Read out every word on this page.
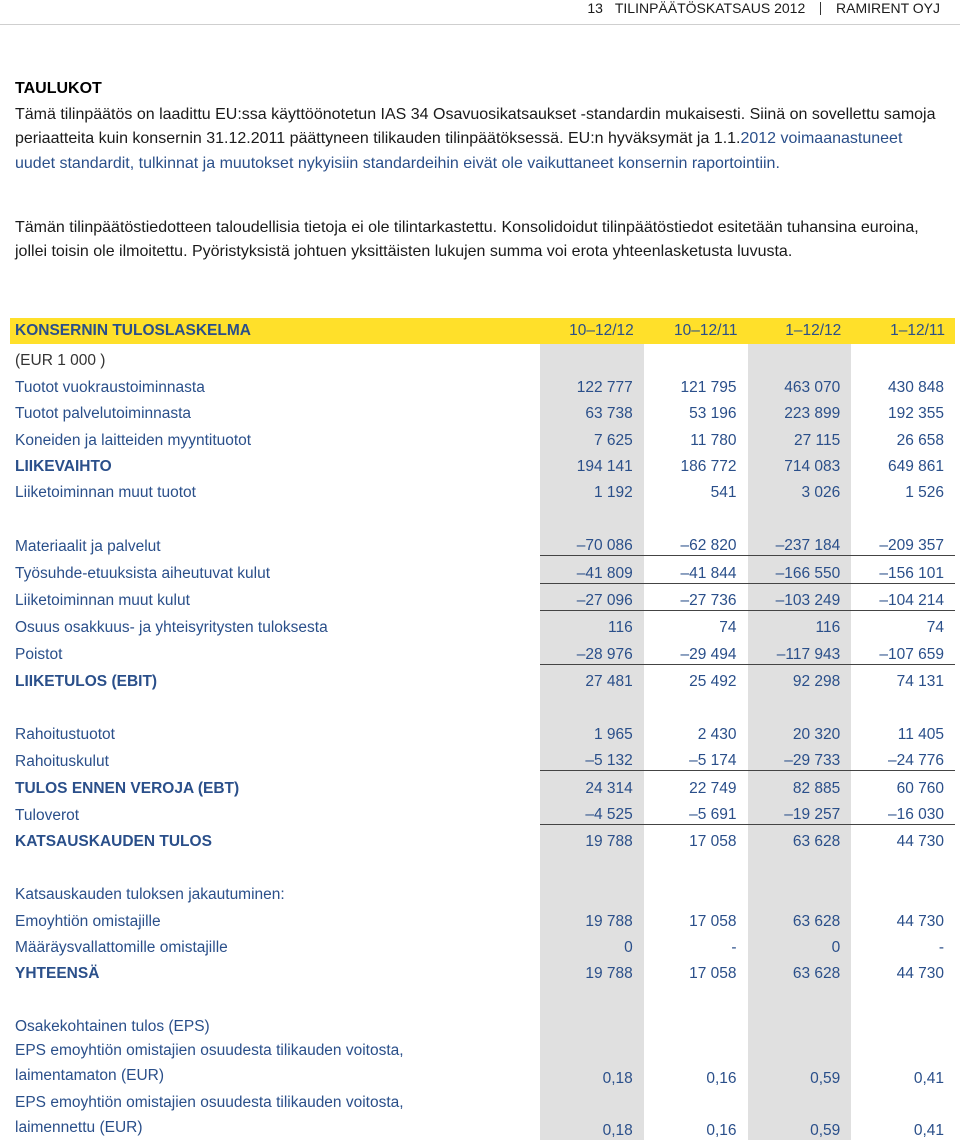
13 TILINPÄÄTÖSKATSAUS 2012 RAMIRENT OYJ
TAULUKOT
Tämä tilinpäätös on laadittu EU:ssa käyttöönotetun IAS 34 Osavuosikatsaukset -standardin mukaisesti. Siinä on sovellettu samoja periaatteita kuin konsernin 31.12.2011 päättyneen tilikauden tilinpäätöksessä. EU:n hyväksymät ja 1.1.2012 voimaanastuneet uudet standardit, tulkinnat ja muutokset nykyisiin standardeihin eivät ole vaikuttaneet konsernin raportointiin.
Tämän tilinpäätöstiedotteen taloudellisia tietoja ei ole tilintarkastettu. Konsolidoidut tilinpäätöstiedot esitetään tuhansina euroina, jollei toisin ole ilmoitettu. Pyöristyksistä johtuen yksittäisten lukujen summa voi erota yhteenlasketusta luvusta.
KONSERNIN TULOSLASKELMA	10–12/12	10–12/11	1–12/12	1–12/11
(EUR 1 000 )				
Tuotot vuokraustoiminnasta	122 777	121 795	463 070	430 848
Tuotot palvelutoiminnasta	63 738	53 196	223 899	192 355
Koneiden ja laitteiden myyntituotot	7 625	11 780	27 115	26 658
LIIKEVAIHTO	194 141	186 772	714 083	649 861
Liiketoiminnan muut tuotot	1 192	541	3 026	1 526

Materiaalit ja palvelut	–70 086	–62 820	–237 184	–209 357
Työsuhde-etuuksista aiheutuvat kulut	–41 809	–41 844	–166 550	–156 101
Liiketoiminnan muut kulut	–27 096	–27 736	–103 249	–104 214
Osuus osakkuus- ja yhteisyritysten tuloksesta	116	74	116	74
Poistot	–28 976	–29 494	–117 943	–107 659
LIIKETULOS (EBIT)	27 481	25 492	92 298	74 131

Rahoitustuotot	1 965	2 430	20 320	11 405
Rahoituskulut	–5 132	–5 174	–29 733	–24 776
TULOS ENNEN VEROJA (EBT)	24 314	22 749	82 885	60 760
Tuloverot	–4 525	–5 691	–19 257	–16 030
KATSAUSKAUDEN TULOS	19 788	17 058	63 628	44 730

Katsauskauden tuloksen jakautuminen:				
Emoyhtiön omistajille	19 788	17 058	63 628	44 730
Määräysvallattomille omistajille	0	-	0	-
YHTEENSÄ	19 788	17 058	63 628	44 730

Osakekohtainen tulos (EPS)				

EPS emoyhtiön omistajien osuudesta tilikauden voitosta,
laimentamaton (EUR)	0,18	0,16	0,59	0,41

EPS emoyhtiön omistajien osuudesta tilikauden voitosta,
laimennettu (EUR)	0,18	0,16	0,59	0,41
